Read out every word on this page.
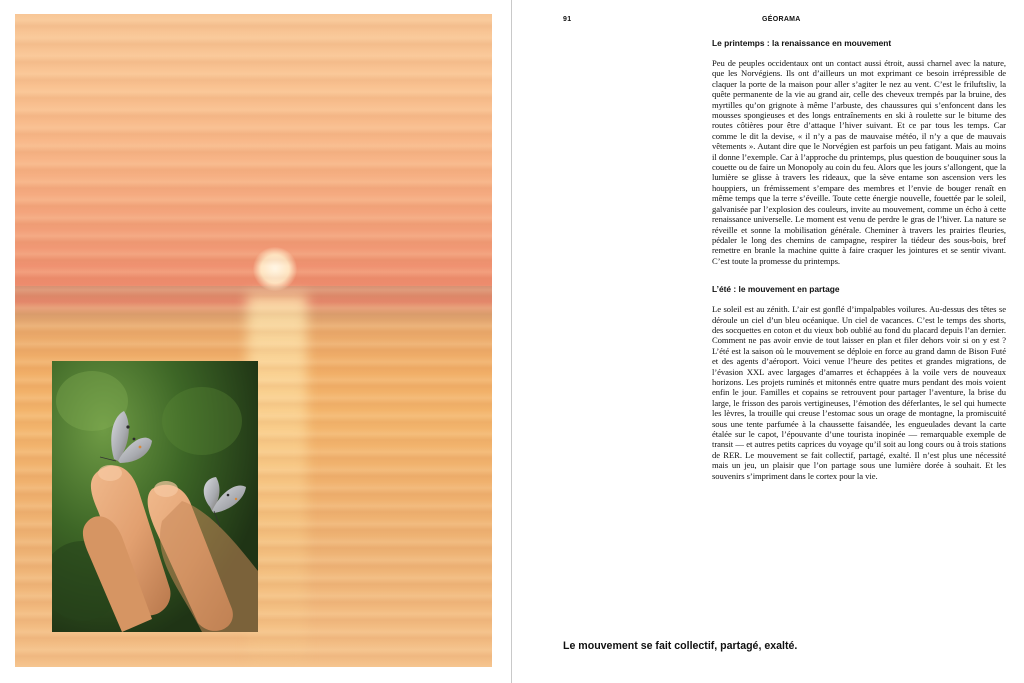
91	GÉORAMA
Le printemps : la renaissance en mouvement

Peu de peuples occidentaux ont un contact aussi étroit, aussi charnel avec la nature, que les Norvégiens. Ils ont d’ailleurs un mot exprimant ce besoin irrépressible de claquer la porte de la maison pour aller s’agiter le nez au vent. C’est le friluftsliv, la quête permanente de la vie au grand air, celle des cheveux trempés par la bruine, des myrtilles qu’on grignote à même l’arbuste, des chaussures qui s’enfoncent dans les mousses spongieuses et des longs entraînements en ski à roulette sur le bitume des routes côtières pour être d’attaque l’hiver suivant. Et ce par tous les temps. Car comme le dit la devise, « il n’y a pas de mauvaise météo, il n’y a que de mauvais vêtements ». Autant dire que le Norvégien est parfois un peu fatigant. Mais au moins il donne l’exemple. Car à l’approche du printemps, plus question de bouquiner sous la couette ou de faire un Monopoly au coin du feu. Alors que les jours s’allongent, que la lumière se glisse à travers les rideaux, que la sève entame son ascension vers les houppiers, un frémissement s’empare des membres et l’envie de bouger renaît en même temps que la terre s’éveille. Toute cette énergie nouvelle, fouettée par le soleil, galvanisée par l’explosion des couleurs, invite au mouvement, comme un écho à cette renaissance universelle. Le moment est venu de perdre le gras de l’hiver. La nature se réveille et sonne la mobilisation générale. Cheminer à travers les prairies fleuries, pédaler le long des chemins de campagne, respirer la tiédeur des sous-bois, bref remettre en branle la machine quitte à faire craquer les jointures et se sentir vivant. C’est toute la promesse du printemps.

L’été : le mouvement en partage

Le soleil est au zénith. L’air est gonflé d’impalpables voilures. Au-dessus des têtes se déroule un ciel d’un bleu océanique. Un ciel de vacances. C’est le temps des shorts, des socquettes en coton et du vieux bob oublié au fond du placard depuis l’an dernier. Comment ne pas avoir envie de tout laisser en plan et filer dehors voir si on y est ? L’été est la saison où le mouvement se déploie en force au grand damn de Bison Futé et des agents d’aéroport. Voici venue l’heure des petites et grandes migrations, de l’évasion XXL avec largages d’amarres et échappées à la voile vers de nouveaux horizons. Les projets ruminés et mitonnés entre quatre murs pendant des mois voient enfin le jour. Familles et copains se retrouvent pour partager l’aventure, la brise du large, le frisson des parois vertigineuses, l’émotion des déferlantes, le sel qui humecte les lèvres, la trouille qui creuse l’estomac sous un orage de montagne, la promiscuité sous une tente parfumée à la chaussette faisandée, les engueulades devant la carte étalée sur le capot, l’épouvante d’une tourista inopinée — remarquable exemple de transit — et autres petits caprices du voyage qu’il soit au long cours ou à trois stations de RER. Le mouvement se fait collectif, partagé, exalté. Il n’est plus une nécessité mais un jeu, un plaisir que l’on partage sous une lumière dorée à souhait. Et les souvenirs s’impriment dans le cortex pour la vie.

Le mouvement se fait collectif, partagé, exalté.
